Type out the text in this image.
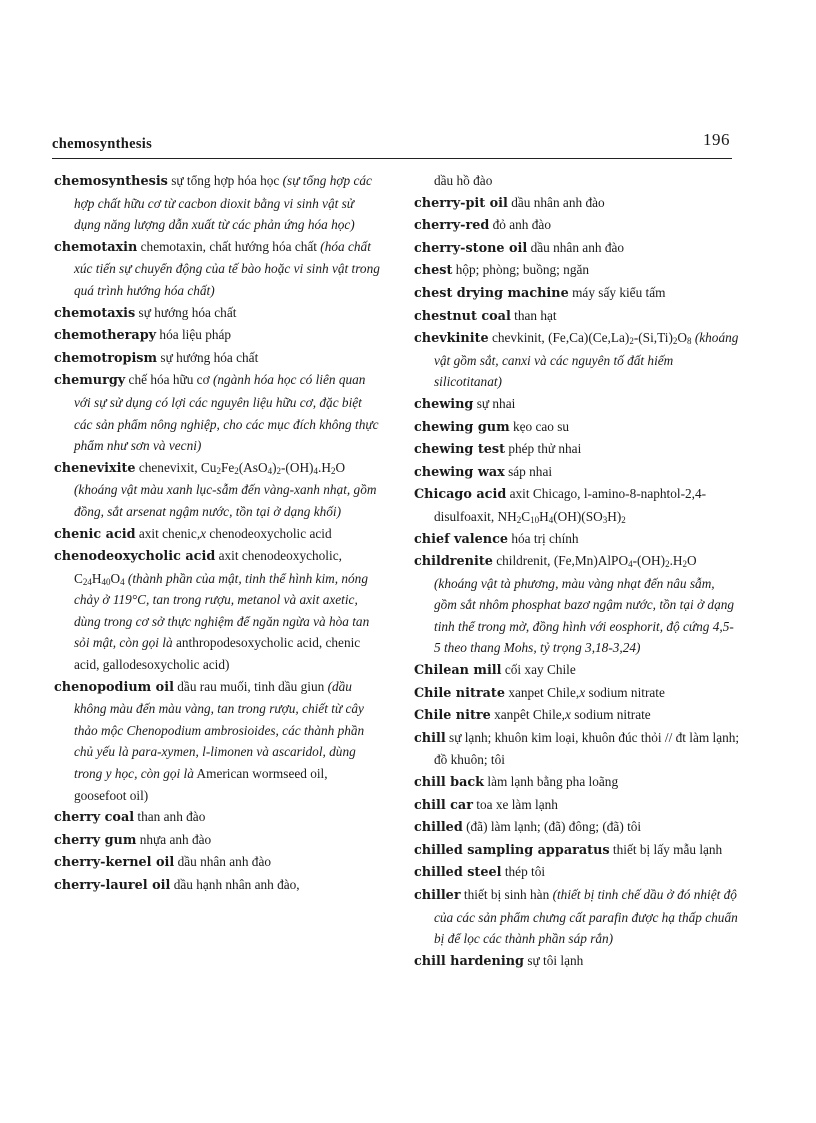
chemosynthesis	196

chemosynthesis sự tổng hợp hóa học (sự tổng hợp các hợp chất hữu cơ từ cacbon dioxit bằng vi sinh vật sử dụng năng lượng dẫn xuất từ các phản ứng hóa học)

chemotaxin chemotaxin, chất hướng hóa chất (hóa chất xúc tiến sự chuyển động của tế bào hoặc vi sinh vật trong quá trình hướng hóa chất)

chemotaxis sự hướng hóa chất

chemotherapy hóa liệu pháp

chemotropism sự hướng hóa chất

chemurgy chế hóa hữu cơ (ngành hóa học có liên quan với sự sử dụng có lợi các nguyên liệu hữu cơ, đặc biệt các sản phẩm nông nghiệp, cho các mục đích không thực phẩm như sơn và vecni)

chenevixite chenevixit, $Cu_2Fe_2(AsO_4)_2-(OH)_4.H_2O$ (khoáng vật màu xanh lục-sẫm đến vàng-xanh nhạt, gồm đồng, sắt arsenat ngậm nước, tồn tại ở dạng khối)

chenic acid axit chenic,x chenodeoxycholic acid

chenodeoxycholic acid axit chenodeoxycholic, $C_{24}H_{40}O_4$ (thành phần của mật, tinh thể hình kim, nóng chảy ở 119°C, tan trong rượu, metanol và axit axetic, dùng trong cơ sở thực nghiệm để ngăn ngừa và hòa tan sỏi mật, còn gọi là anthropodesoxycholic acid, chenic acid, gallodesoxycholic acid)

chenopodium oil dầu rau muối, tinh dầu giun (dầu không màu đến màu vàng, tan trong rượu, chiết từ cây thảo mộc Chenopodium ambrosioides, các thành phần chủ yếu là para-xymen, l-limonen và ascaridol, dùng trong y học, còn gọi là American wormseed oil, goosefoot oil)

cherry coal than anh đào

cherry gum nhựa anh đào

cherry-kernel oil dầu nhân anh đào

cherry-laurel oil dầu hạnh nhân anh đào,

dầu hồ đào

cherry-pit oil dầu nhân anh đào

cherry-red đỏ anh đào

cherry-stone oil dầu nhân anh đào

chest hộp; phòng; buồng; ngăn

chest drying machine máy sấy kiểu tấm

chestnut coal than hạt

chevkinite chevkinit, $(Fe,Ca)(Ce,La)_2-(Si,Ti)_2O_8$ (khoáng vật gồm sắt, canxi và các nguyên tố đất hiếm silicotitanat)

chewing sự nhai

chewing gum kẹo cao su

chewing test phép thử nhai

chewing wax sáp nhai

Chicago acid axit Chicago, l-amino-8-naphtol-2,4-disulfoaxit, $NH_2C_{10}H_4(OH)(SO_3H)_2$

chief valence hóa trị chính

childrenite childrenit, $(Fe,Mn)AlPO_4-(OH)_2.H_2O$ (khoáng vật tà phương, màu vàng nhạt đến nâu sẫm, gồm sắt nhôm phosphat bazơ ngậm nước, tồn tại ở dạng tinh thể trong mờ, đồng hình với eosphorit, độ cứng 4,5-5 theo thang Mohs, tỷ trọng 3,18-3,24)

Chilean mill cối xay Chile

Chile nitrate xanpet Chile,x sodium nitrate

Chile nitre xanpêt Chile,x sodium nitrate

chill sự lạnh; khuôn kim loại, khuôn đúc thỏi // đt làm lạnh; đồ khuôn; tôi

chill back làm lạnh bằng pha loãng

chill car toa xe làm lạnh

chilled (đã) làm lạnh; (đã) đông; (đã) tôi

chilled sampling apparatus thiết bị lấy mẫu lạnh

chilled steel thép tôi

chiller thiết bị sinh hàn (thiết bị tinh chế dầu ở đó nhiệt độ của các sản phẩm chưng cất parafin được hạ thấp chuẩn bị để lọc các thành phần sáp rắn)

chill hardening sự tôi lạnh
